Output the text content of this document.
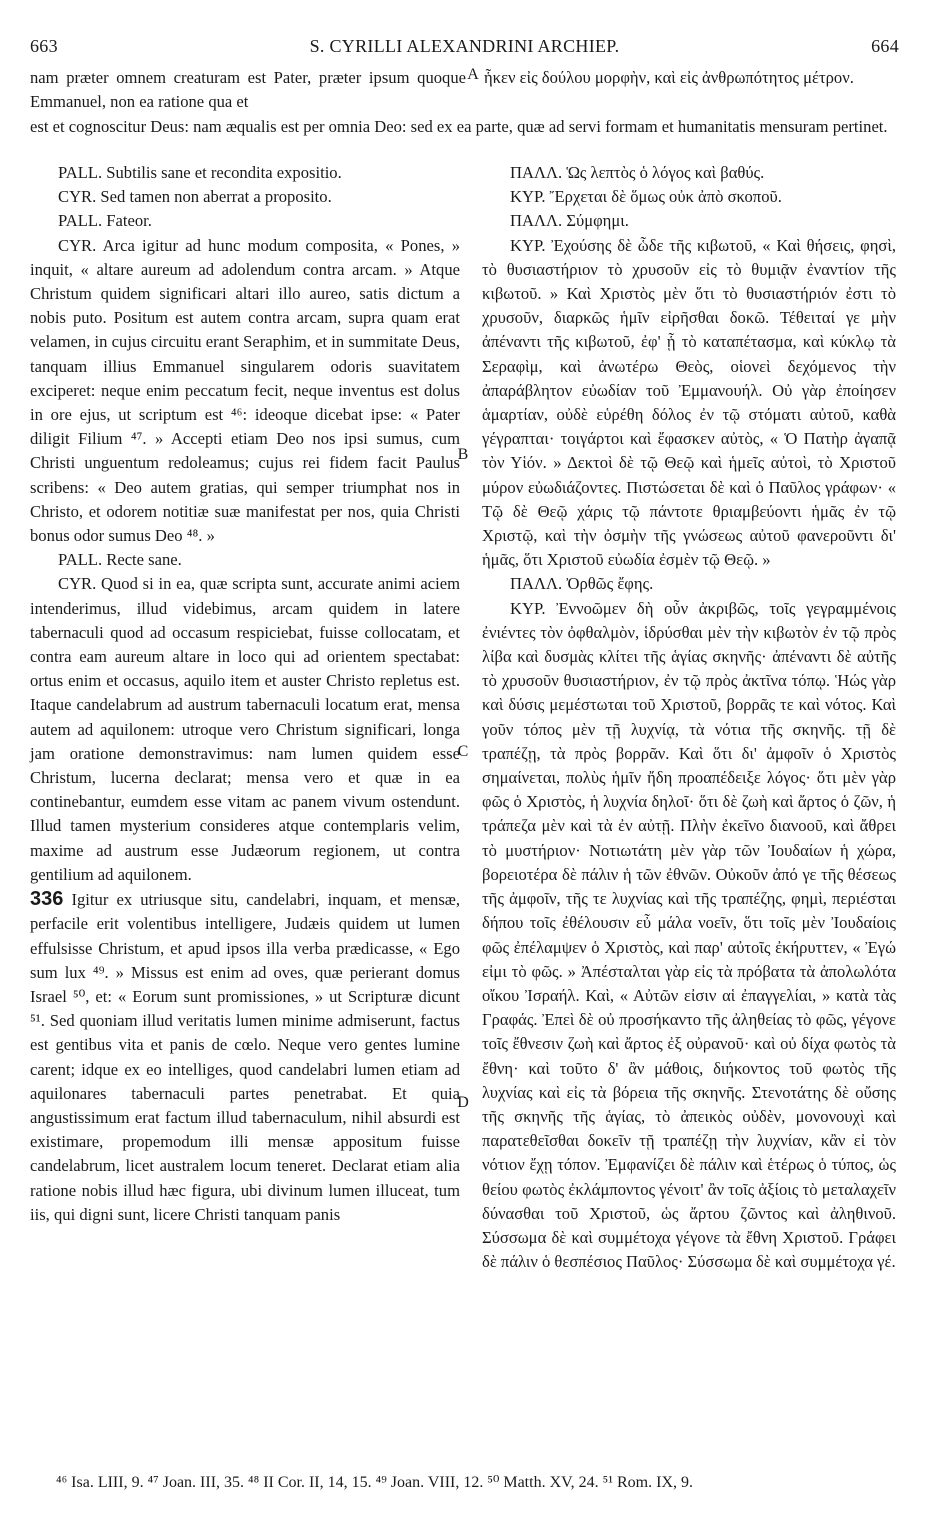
663	S. CYRILLI ALEXANDRINI ARCHIEP.	664
A
B
C
D

nam præter omnem creaturam est Pater, præter ipsum quoque Emmanuel, non ea ratione qua et

ἧκεν εἰς δούλου μορφὴν, καὶ εἰς ἀνθρωπότητος μέτρον.

est et cognoscitur Deus: nam æqualis est per omnia Deo: sed ex ea parte, quæ ad servi formam et humanitatis mensuram pertinet.

PALL. Subtilis sane et recondita expositio.

CYR. Sed tamen non aberrat a proposito.

PALL. Fateor.

CYR. Arca igitur ad hunc modum composita, « Pones, » inquit, « altare aureum ad adolendum contra arcam. » Atque Christum quidem significari altari illo aureo, satis dictum a nobis puto. Positum est autem contra arcam, supra quam erat velamen, in cujus circuitu erant Seraphim, et in summitate Deus, tanquam illius Emmanuel singularem odoris suavitatem exciperet: neque enim peccatum fecit, neque inventus est dolus in ore ejus, ut scriptum est ⁴⁶: ideoque dicebat ipse: « Pater diligit Filium ⁴⁷. » Accepti etiam Deo nos ipsi sumus, cum Christi unguentum redoleamus; cujus rei fidem facit Paulus scribens: « Deo autem gratias, qui semper triumphat nos in Christo, et odorem notitiæ suæ manifestat per nos, quia Christi bonus odor sumus Deo ⁴⁸. »

PALL. Recte sane.

CYR. Quod si in ea, quæ scripta sunt, accurate animi aciem intenderimus, illud videbimus, arcam quidem in latere tabernaculi quod ad occasum respiciebat, fuisse collocatam, et contra eam aureum altare in loco qui ad orientem spectabat: ortus enim et occasus, aquilo item et auster Christo repletus est. Itaque candelabrum ad austrum tabernaculi locatum erat, mensa autem ad aquilonem: utroque vero Christum significari, longa jam oratione demonstravimus: nam lumen quidem esse Christum, lucerna declarat; mensa vero et quæ in ea continebantur, eumdem esse vitam ac panem vivum ostendunt. Illud tamen mysterium consideres atque contemplaris velim, maxime ad austrum esse Judæorum regionem, ut contra gentilium ad aquilonem.

336 Igitur ex utriusque situ, candelabri, inquam, et mensæ, perfacile erit volentibus intelligere, Judæis quidem ut lumen effulsisse Christum, et apud ipsos illa verba prædicasse, « Ego sum lux ⁴⁹. » Missus est enim ad oves, quæ perierant domus Israel ⁵⁰, et: « Eorum sunt promissiones, » ut Scripturæ dicunt ⁵¹. Sed quoniam illud veritatis lumen minime admiserunt, factus est gentibus vita et panis de cœlo. Neque vero gentes lumine carent; idque ex eo intelliges, quod candelabri lumen etiam ad aquilonares tabernaculi partes penetrabat. Et quia angustissimum erat factum illud tabernaculum, nihil absurdi est existimare, propemodum illi mensæ appositum fuisse candelabrum, licet australem locum teneret. Declarat etiam alia ratione nobis illud hæc figura, ubi divinum lumen illuceat, tum iis, qui digni sunt, licere Christi tanquam panis

ΠΑΛΛ. Ὡς λεπτὸς ὁ λόγος καὶ βαθύς.

ΚΥΡ. Ἔρχεται δὲ ὅμως οὐκ ἀπὸ σκοποῦ.

ΠΑΛΛ. Σύμφημι.

ΚΥΡ. Ἐχούσης δὲ ὧδε τῆς κιβωτοῦ, « Καὶ θήσεις, φησὶ, τὸ θυσιαστήριον τὸ χρυσοῦν εἰς τὸ θυμιᾷν ἐναντίον τῆς κιβωτοῦ. » Καὶ Χριστὸς μὲν ὅτι τὸ θυσιαστήριόν ἐστι τὸ χρυσοῦν, διαρκῶς ἡμῖν εἰρῆσθαι δοκῶ. Τέθειταί γε μὴν ἀπέναντι τῆς κιβωτοῦ, ἐφ' ᾗ τὸ καταπέτασμα, καὶ κύκλῳ τὰ Σεραφὶμ, καὶ ἀνωτέρω Θεὸς, οἱονεὶ δεχόμενος τὴν ἀπαράβλητον εὐωδίαν τοῦ Ἐμμανουήλ. Οὐ γὰρ ἐποίησεν ἁμαρτίαν, οὐδὲ εὑρέθη δόλος ἐν τῷ στόματι αὐτοῦ, καθὰ γέγραπται· τοιγάρτοι καὶ ἔφασκεν αὐτὸς, « Ὁ Πατὴρ ἀγαπᾷ τὸν Υἱόν. » Δεκτοὶ δὲ τῷ Θεῷ καὶ ἡμεῖς αὐτοὶ, τὸ Χριστοῦ μύρον εὐωδιάζοντες. Πιστώσεται δὲ καὶ ὁ Παῦλος γράφων· « Τῷ δὲ Θεῷ χάρις τῷ πάντοτε θριαμβεύοντι ἡμᾶς ἐν τῷ Χριστῷ, καὶ τὴν ὀσμὴν τῆς γνώσεως αὐτοῦ φανεροῦντι δι' ἡμᾶς, ὅτι Χριστοῦ εὐωδία ἐσμὲν τῷ Θεῷ. »

ΠΑΛΛ. Ὀρθῶς ἔφης.

ΚΥΡ. Ἐννοῶμεν δὴ οὖν ἀκριβῶς, τοῖς γεγραμμένοις ἐνιέντες τὸν ὀφθαλμὸν, ἱδρύσθαι μὲν τὴν κιβωτὸν ἐν τῷ πρὸς λίβα καὶ δυσμὰς κλίτει τῆς ἁγίας σκηνῆς· ἀπέναντι δὲ αὐτῆς τὸ χρυσοῦν θυσιαστήριον, ἐν τῷ πρὸς ἀκτῖνα τόπῳ. Ἡώς γὰρ καὶ δύσις μεμέστωται τοῦ Χριστοῦ, βορρᾶς τε καὶ νότος. Καὶ γοῦν τόπος μὲν τῇ λυχνίᾳ, τὰ νότια τῆς σκηνῆς. τῇ δὲ τραπέζῃ, τὰ πρὸς βορρᾶν. Καὶ ὅτι δι' ἀμφοῖν ὁ Χριστὸς σημαίνεται, πολὺς ἡμῖν ἤδη προαπέδειξε λόγος· ὅτι μὲν γὰρ φῶς ὁ Χριστὸς, ἡ λυχνία δηλοῖ· ὅτι δὲ ζωὴ καὶ ἄρτος ὁ ζῶν, ἡ τράπεζα μὲν καὶ τὰ ἐν αὐτῇ. Πλὴν ἐκεῖνο διανοοῦ, καὶ ἄθρει τὸ μυστήριον· Νοτιωτάτη μὲν γὰρ τῶν Ἰουδαίων ἡ χώρα, βορειοτέρα δὲ πάλιν ἡ τῶν ἐθνῶν. Οὐκοῦν ἀπό γε τῆς θέσεως τῆς ἀμφοῖν, τῆς τε λυχνίας καὶ τῆς τραπέζης, φημὶ, περιέσται δήπου τοῖς ἐθέλουσιν εὖ μάλα νοεῖν, ὅτι τοῖς μὲν Ἰουδαίοις φῶς ἐπέλαμψεν ὁ Χριστὸς, καὶ παρ' αὐτοῖς ἐκήρυττεν, « Ἐγώ εἰμι τὸ φῶς. » Ἀπέσταλται γὰρ εἰς τὰ πρόβατα τὰ ἀπολωλότα οἴκου Ἰσραήλ. Καὶ, « Αὐτῶν εἰσιν αἱ ἐπαγγελίαι, » κατὰ τὰς Γραφάς. Ἐπεὶ δὲ οὐ προσήκαντο τῆς ἀληθείας τὸ φῶς, γέγονε τοῖς ἔθνεσιν ζωὴ καὶ ἄρτος ἐξ οὐρανοῦ· καὶ οὐ δίχα φωτὸς τὰ ἔθνη· καὶ τοῦτο δ' ἂν μάθοις, διήκοντος τοῦ φωτὸς τῆς λυχνίας καὶ εἰς τὰ βόρεια τῆς σκηνῆς. Στενοτάτης δὲ οὔσης τῆς σκηνῆς τῆς ἁγίας, τὸ ἀπεικὸς οὐδὲν, μονονουχὶ καὶ παρατεθεῖσθαι δοκεῖν τῇ τραπέζῃ τὴν λυχνίαν, κἂν εἰ τὸν νότιον ἔχῃ τόπον. Ἐμφανίζει δὲ πάλιν καὶ ἑτέρως ὁ τύπος, ὡς θείου φωτὸς ἐκλάμποντος γένοιτ' ἂν τοῖς ἀξίοις τὸ μεταλαχεῖν δύνασθαι τοῦ Χριστοῦ, ὡς ἄρτου ζῶντος καὶ ἀληθινοῦ. Σύσσωμα δὲ καὶ συμμέτοχα γέγονε τὰ ἔθνη Χριστοῦ. Γράφει δὲ πάλιν ὁ θεσπέσιος Παῦλος· Σύσσωμα δὲ καὶ συμμέτοχα γέ.

⁴⁶ Isa. LIII, 9. ⁴⁷ Joan. III, 35. ⁴⁸ II Cor. II, 14, 15. ⁴⁹ Joan. VIII, 12. ⁵⁰ Matth. XV, 24. ⁵¹ Rom. IX, 9.
